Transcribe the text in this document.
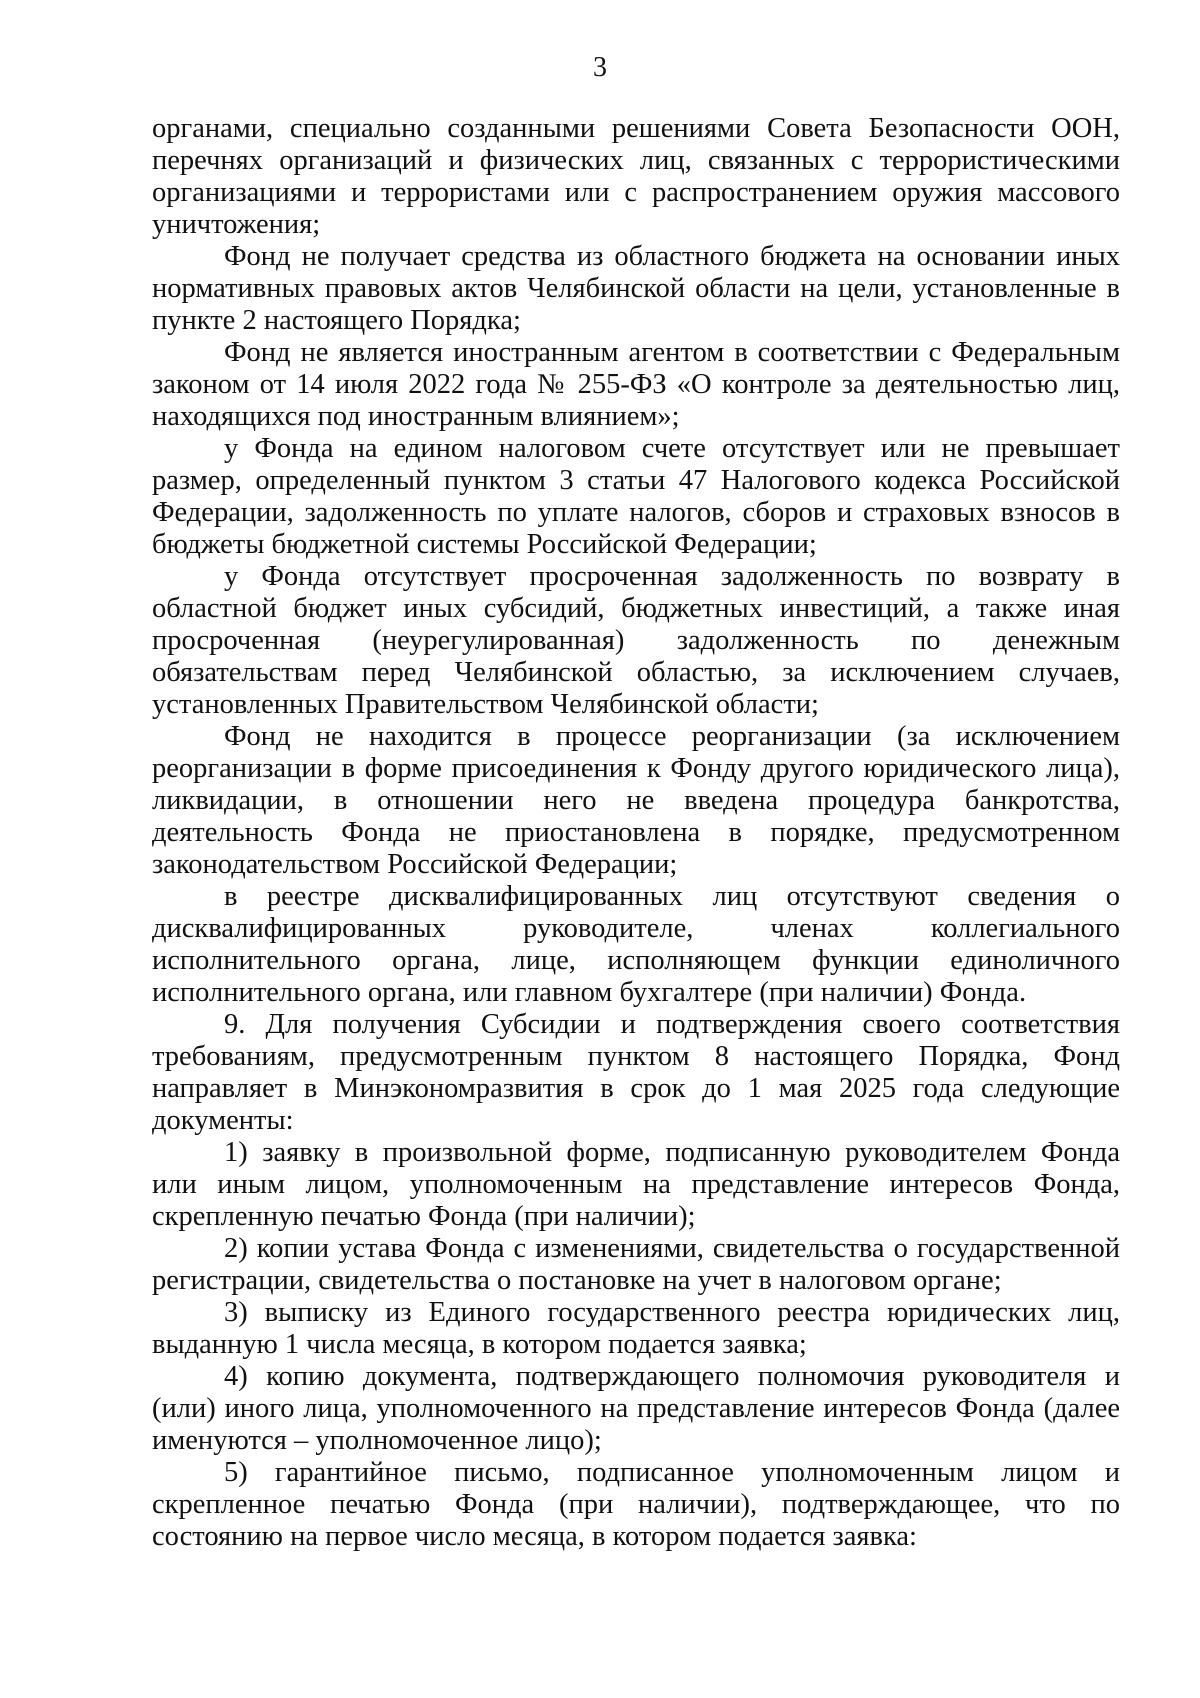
3

органами, специально созданными решениями Совета Безопасности ООН, перечнях организаций и физических лиц, связанных с террористическими организациями и террористами или с распространением оружия массового уничтожения;

Фонд не получает средства из областного бюджета на основании иных нормативных правовых актов Челябинской области на цели, установленные в пункте 2 настоящего Порядка;

Фонд не является иностранным агентом в соответствии с Федеральным законом от 14 июля 2022 года № 255-ФЗ «О контроле за деятельностью лиц, находящихся под иностранным влиянием»;

у Фонда на едином налоговом счете отсутствует или не превышает размер, определенный пунктом 3 статьи 47 Налогового кодекса Российской Федерации, задолженность по уплате налогов, сборов и страховых взносов в бюджеты бюджетной системы Российской Федерации;

у Фонда отсутствует просроченная задолженность по возврату в областной бюджет иных субсидий, бюджетных инвестиций, а также иная просроченная (неурегулированная) задолженность по денежным обязательствам перед Челябинской областью, за исключением случаев, установленных Правительством Челябинской области;

Фонд не находится в процессе реорганизации (за исключением реорганизации в форме присоединения к Фонду другого юридического лица), ликвидации, в отношении него не введена процедура банкротства, деятельность Фонда не приостановлена в порядке, предусмотренном законодательством Российской Федерации;

в реестре дисквалифицированных лиц отсутствуют сведения о дисквалифицированных руководителе, членах коллегиального исполнительного органа, лице, исполняющем функции единоличного исполнительного органа, или главном бухгалтере (при наличии) Фонда.

9. Для получения Субсидии и подтверждения своего соответствия требованиям, предусмотренным пунктом 8 настоящего Порядка, Фонд направляет в Минэкономразвития в срок до 1 мая 2025 года следующие документы:

1) заявку в произвольной форме, подписанную руководителем Фонда или иным лицом, уполномоченным на представление интересов Фонда, скрепленную печатью Фонда (при наличии);

2) копии устава Фонда с изменениями, свидетельства о государственной регистрации, свидетельства о постановке на учет в налоговом органе;

3) выписку из Единого государственного реестра юридических лиц, выданную 1 числа месяца, в котором подается заявка;

4) копию документа, подтверждающего полномочия руководителя и (или) иного лица, уполномоченного на представление интересов Фонда (далее именуются – уполномоченное лицо);

5) гарантийное письмо, подписанное уполномоченным лицом и скрепленное печатью Фонда (при наличии), подтверждающее, что по состоянию на первое число месяца, в котором подается заявка:
